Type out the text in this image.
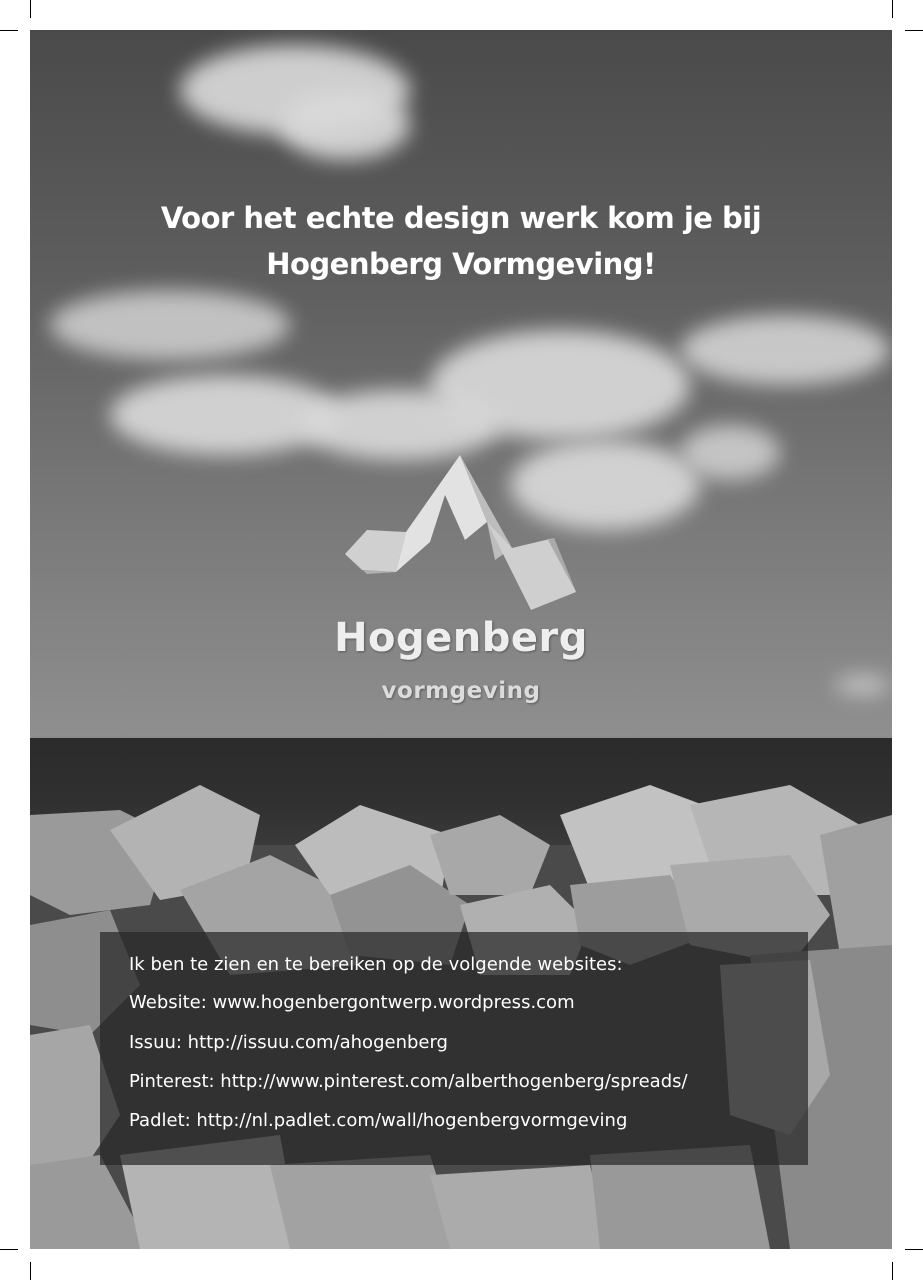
Voor het echte design werk kom je bij
Hogenberg Vormgeving!
Hogenberg
vormgeving
Ik ben te zien en te bereiken op de volgende websites:
Website: www.hogenbergontwerp.wordpress.com
Issuu: http://issuu.com/ahogenberg
Pinterest: http://www.pinterest.com/alberthogenberg/spreads/
Padlet: http://nl.padlet.com/wall/hogenbergvormgeving
